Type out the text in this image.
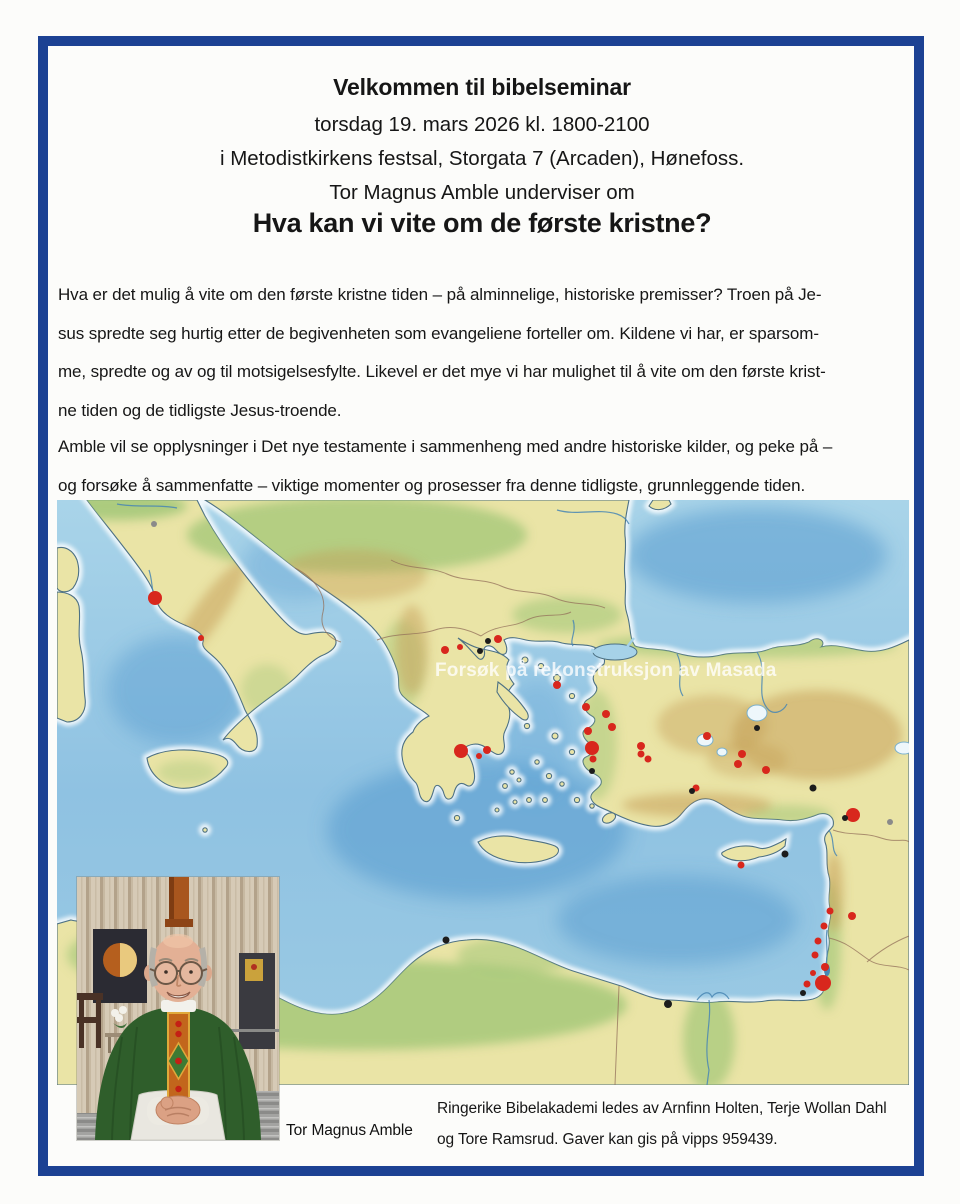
Velkommen til bibelseminar
torsdag 19. mars 2026 kl. 1800-2100
i Metodistkirkens festsal, Storgata 7 (Arcaden), Hønefoss.
Tor Magnus Amble underviser om
Hva kan vi vite om de første kristne?
Hva er det mulig å vite om den første kristne tiden – på alminnelige, historiske premisser? Troen på Je-
sus spredte seg hurtig etter de begivenheten som evangeliene forteller om. Kildene vi har, er sparsom-
me, spredte og av og til motsigelsesfylte. Likevel er det mye vi har mulighet til å vite om den første krist-
ne tiden og de tidligste Jesus-troende.
Amble vil se opplysninger i Det nye testamente i sammenheng med andre historiske kilder, og peke på –
og forsøke å sammenfatte – viktige momenter og prosesser fra denne tidligste, grunnleggende tiden.
Forsøk på rekonstruksjon av Masada
Tor Magnus Amble
Ringerike Bibelakademi ledes av Arnfinn Holten, Terje Wollan Dahl
og Tore Ramsrud. Gaver kan gis på vipps 959439.
